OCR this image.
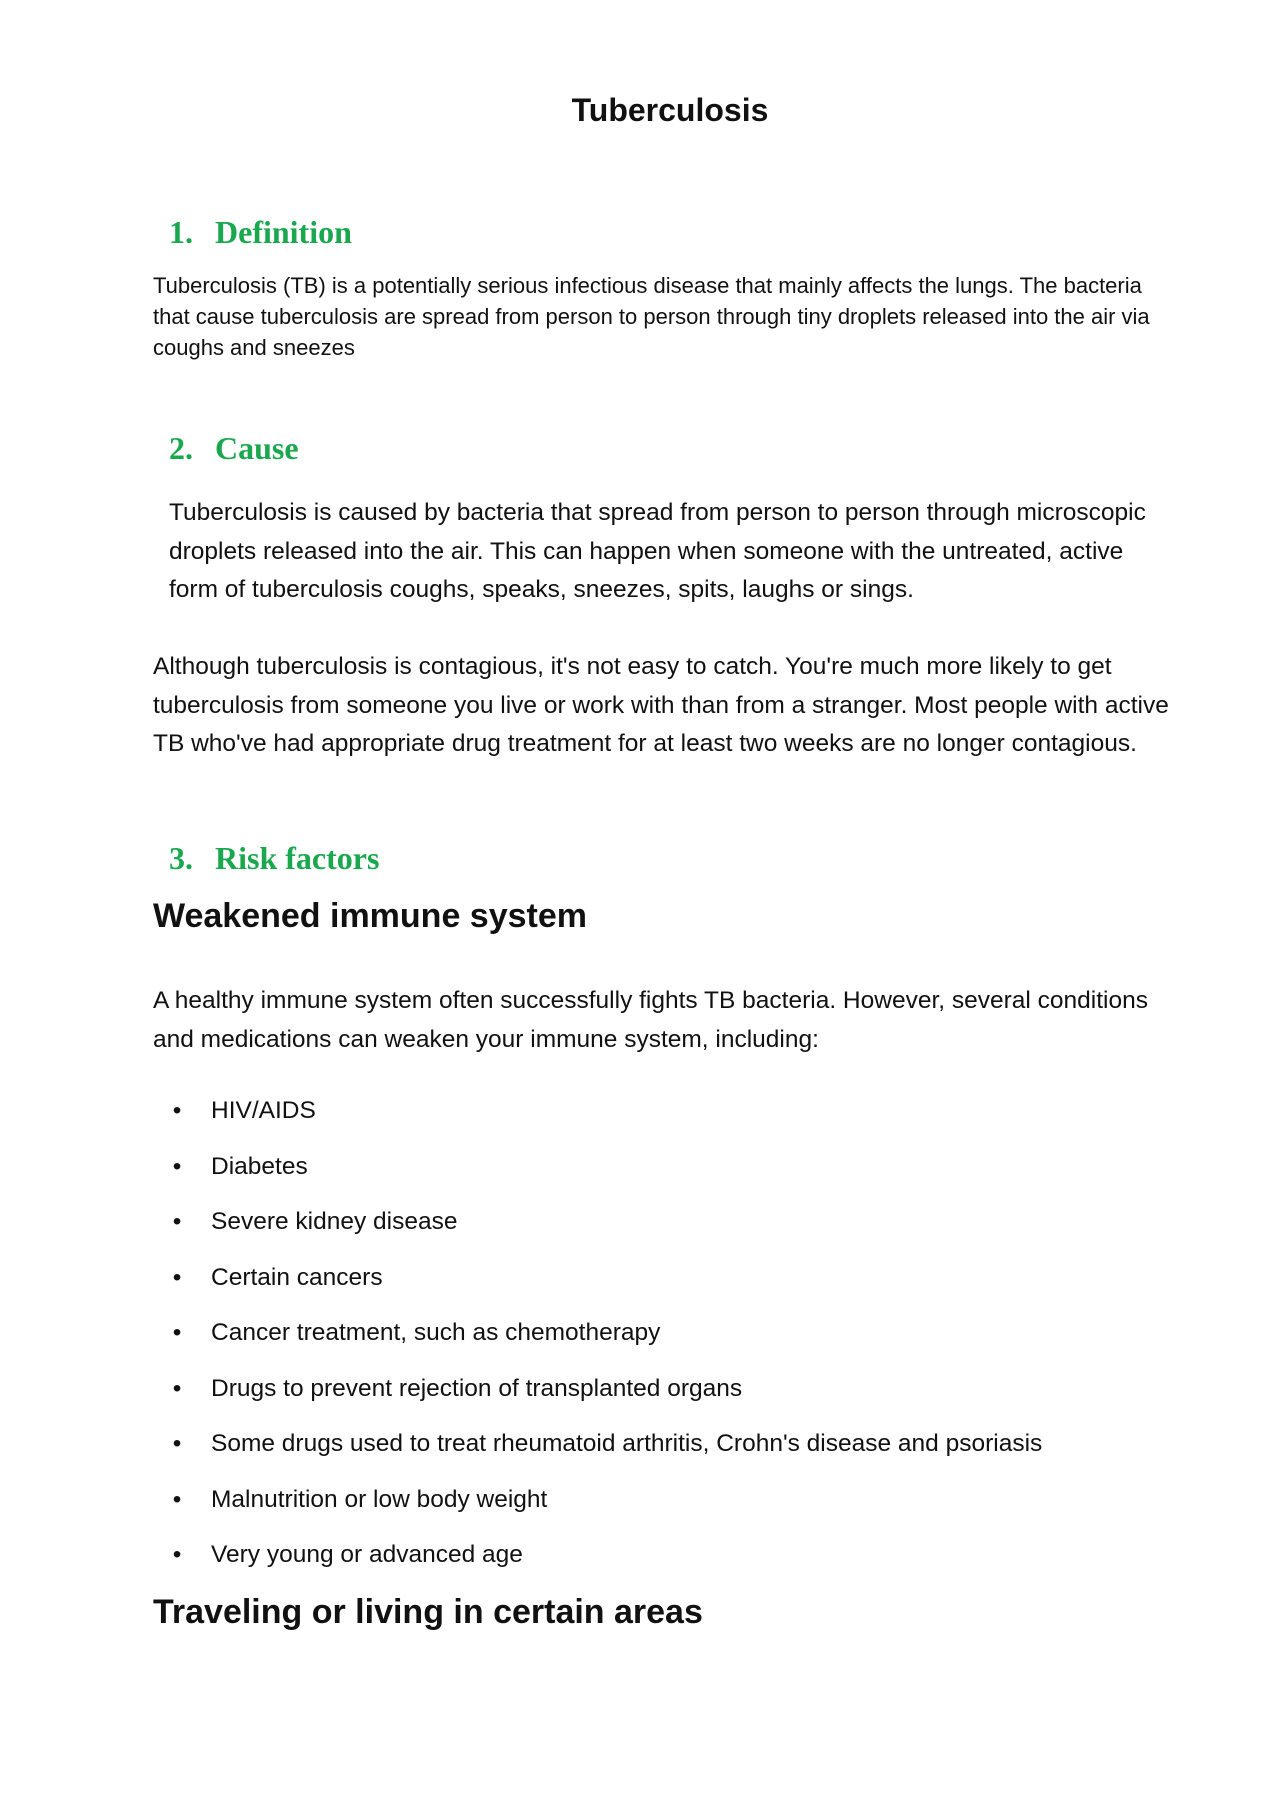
Tuberculosis
1. Definition

Tuberculosis (TB) is a potentially serious infectious disease that mainly affects the lungs. The bacteria that cause tuberculosis are spread from person to person through tiny droplets released into the air via coughs and sneezes

2. Cause

Tuberculosis is caused by bacteria that spread from person to person through microscopic droplets released into the air. This can happen when someone with the untreated, active form of tuberculosis coughs, speaks, sneezes, spits, laughs or sings.

Although tuberculosis is contagious, it's not easy to catch. You're much more likely to get tuberculosis from someone you live or work with than from a stranger. Most people with active TB who've had appropriate drug treatment for at least two weeks are no longer contagious.

3. Risk factors
Weakened immune system

A healthy immune system often successfully fights TB bacteria. However, several conditions and medications can weaken your immune system, including:

• HIV/AIDS
• Diabetes
• Severe kidney disease
• Certain cancers
• Cancer treatment, such as chemotherapy
• Drugs to prevent rejection of transplanted organs
• Some drugs used to treat rheumatoid arthritis, Crohn's disease and psoriasis
• Malnutrition or low body weight
• Very young or advanced age
Traveling or living in certain areas
